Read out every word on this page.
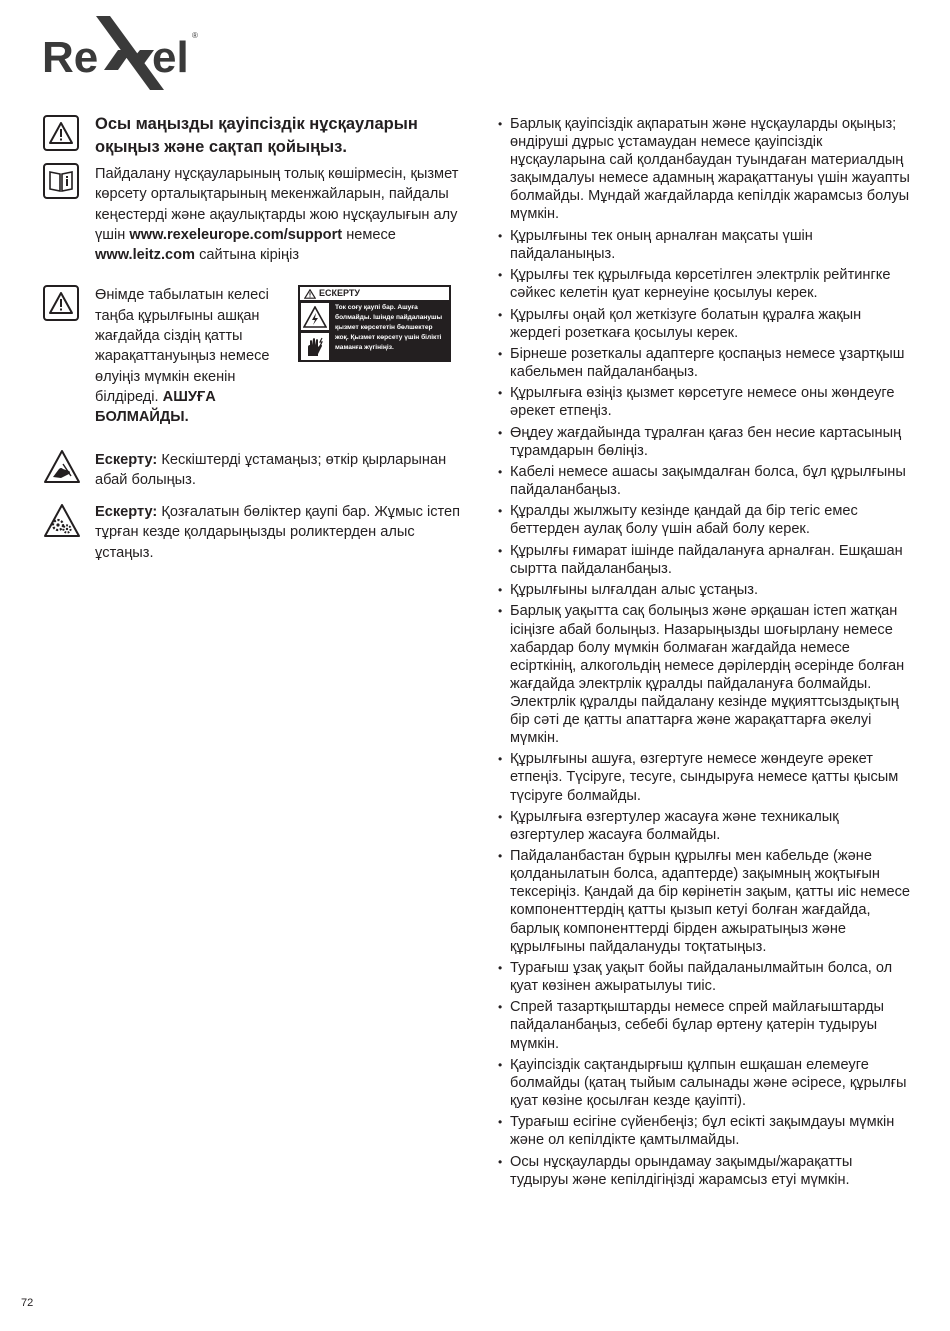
Re el ®

Осы маңызды қауіпсіздік нұсқауларын оқыңыз және сақтап қойыңыз.

Пайдалану нұсқауларының толық көшірмесін, қызмет көрсету орталықтарының мекенжайларын, пайдалы кеңестерді және ақаулықтарды жою нұсқаулығын алу үшін www.rexeleurope.com/support немесе www.leitz.com сайтына кіріңіз

Өнімде табылатын келесі таңба құрылғыны ашқан жағдайда сіздің қатты жарақаттануыңыз немесе өлуіңіз мүмкін екенін білдіреді. АШУҒА БОЛМАЙДЫ.
ЕСКЕРТУ
Ток соғу қаупі бар. Ашуға болмайды. Ішінде пайдаланушы қызмет көрсететін бөлшектер жоқ. Қызмет көрсету үшін білікті маманға жүгініңіз.

Ескерту: Кескіштерді ұстамаңыз; өткір қырларынан абай болыңыз.

Ескерту: Қозғалатын бөліктер қаупі бар. Жұмыс істеп тұрған кезде қолдарыңызды роликтерден алыс ұстаңыз.

• Барлық қауіпсіздік ақпаратын және нұсқауларды оқыңыз; өндіруші дұрыс ұстамаудан немесе қауіпсіздік нұсқауларына сай қолданбаудан туындаған материалдың зақымдалуы немесе адамның жарақаттануы үшін жауапты болмайды. Мұндай жағдайларда кепілдік жарамсыз болуы мүмкін.
• Құрылғыны тек оның арналған мақсаты үшін пайдаланыңыз.
• Құрылғы тек құрылғыда көрсетілген электрлік рейтингке сәйкес келетін қуат кернеуіне қосылуы керек.
• Құрылғы оңай қол жеткізуге болатын құралға жақын жердегі розеткаға қосылуы керек.
• Бірнеше розеткалы адаптерге қоспаңыз немесе ұзартқыш кабельмен пайдаланбаңыз.
• Құрылғыға өзіңіз қызмет көрсетуге немесе оны жөндеуге әрекет етпеңіз.
• Өңдеу жағдайында тұралған қағаз бен несие картасының тұрамдарын бөліңіз.
• Кабелі немесе ашасы зақымдалған болса, бұл құрылғыны пайдаланбаңыз.
• Құралды жылжыту кезінде қандай да бір тегіс емес беттерден аулақ болу үшін абай болу керек.
• Құрылғы ғимарат ішінде пайдалануға арналған. Ешқашан сыртта пайдаланбаңыз.
• Құрылғыны ылғалдан алыс ұстаңыз.
• Барлық уақытта сақ болыңыз және әрқашан істеп жатқан ісіңізге абай болыңыз. Назарыңызды шоғырлану немесе хабардар болу мүмкін болмаған жағдайда немесе есірткінің, алкогольдің немесе дәрілердің әсерінде болған жағдайда электрлік құралды пайдалануға болмайды. Электрлік құралды пайдалану кезінде мұқияттсыздықтың бір сәті де қатты апаттарға және жарақаттарға әкелуі мүмкін.
• Құрылғыны ашуға, өзгертуге немесе жөндеуге әрекет етпеңіз. Түсіруге, тесуге, сындыруға немесе қатты қысым түсіруге болмайды.
• Құрылғыға өзгертулер жасауға және техникалық өзгертулер жасауға болмайды.
• Пайдаланбастан бұрын құрылғы мен кабельде (және қолданылатын болса, адаптерде) зақымның жоқтығын тексеріңіз. Қандай да бір көрінетін зақым, қатты иіс немесе компоненттердің қатты қызып кетуі болған жағдайда, барлық компоненттерді бірден ажыратыңыз және құрылғыны пайдалануды тоқтатыңыз.
• Турағыш ұзақ уақыт бойы пайдаланылмайтын болса, ол қуат көзінен ажыратылуы тиіс.
• Спрей тазартқыштарды немесе спрей майлағыштарды пайдаланбаңыз, себебі бұлар өртену қатерін тудыруы мүмкін.
• Қауіпсіздік сақтандырғыш құлпын ешқашан елемеуге болмайды (қатаң тыйым салынады және әсіресе, құрылғы қуат көзіне қосылған кезде қауіпті).
• Турағыш есігіне сүйенбеңіз; бұл есікті зақымдауы мүмкін және ол кепілдікте қамтылмайды.
• Осы нұсқауларды орындамау зақымды/жарақатты тудыруы және кепілдігіңізді жарамсыз етуі мүмкін.
72
